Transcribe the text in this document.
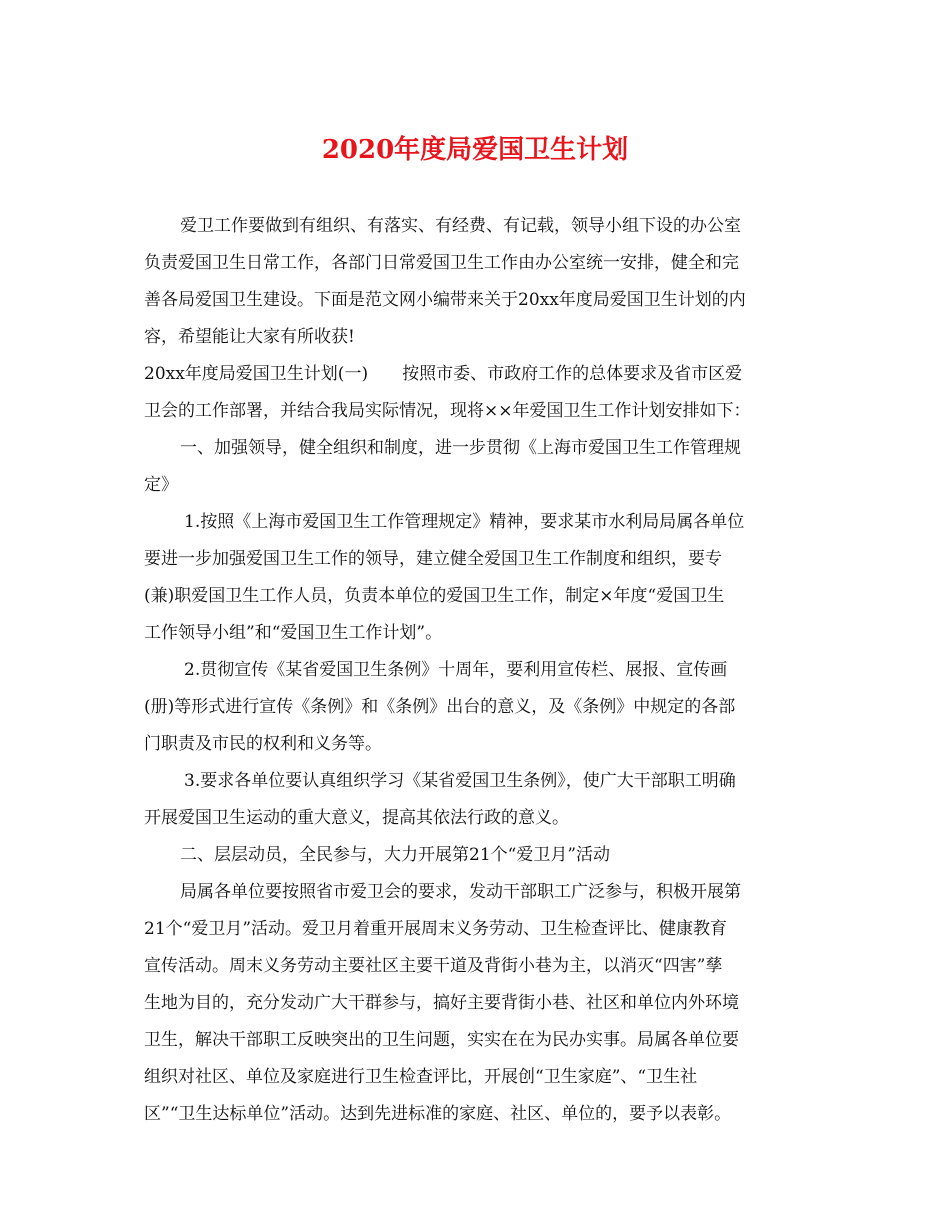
2020年度局爱国卫生计划

爱卫工作要做到有组织、有落实、有经费、有记载，领导小组下设的办公室

负责爱国卫生日常工作，各部门日常爱国卫生工作由办公室统一安排，健全和完

善各局爱国卫生建设。下面是范文网小编带来关于20xx年度局爱国卫生计划的内

容，希望能让大家有所收获!

20xx年度局爱国卫生计划(一)　　按照市委、市政府工作的总体要求及省市区爱

卫会的工作部署，并结合我局实际情况，现将××年爱国卫生工作计划安排如下：

一、加强领导，健全组织和制度，进一步贯彻《上海市爱国卫生工作管理规

定》

1.按照《上海市爱国卫生工作管理规定》精神，要求某市水利局局属各单位

要进一步加强爱国卫生工作的领导，建立健全爱国卫生工作制度和组织，要专

(兼)职爱国卫生工作人员，负责本单位的爱国卫生工作，制定×年度“爱国卫生

工作领导小组”和“爱国卫生工作计划”。

2.贯彻宣传《某省爱国卫生条例》十周年，要利用宣传栏、展报、宣传画

(册)等形式进行宣传《条例》和《条例》出台的意义，及《条例》中规定的各部

门职责及市民的权利和义务等。

3.要求各单位要认真组织学习《某省爱国卫生条例》，使广大干部职工明确

开展爱国卫生运动的重大意义，提高其依法行政的意义。

二、层层动员，全民参与，大力开展第21个“爱卫月”活动

局属各单位要按照省市爱卫会的要求，发动干部职工广泛参与，积极开展第

21个“爱卫月”活动。爱卫月着重开展周末义务劳动、卫生检查评比、健康教育

宣传活动。周末义务劳动主要社区主要干道及背街小巷为主，以消灭“四害”孳

生地为目的，充分发动广大干群参与，搞好主要背街小巷、社区和单位内外环境

卫生，解决干部职工反映突出的卫生问题，实实在在为民办实事。局属各单位要

组织对社区、单位及家庭进行卫生检查评比，开展创“卫生家庭”、“卫生社

区”“卫生达标单位”活动。达到先进标准的家庭、社区、单位的，要予以表彰。
